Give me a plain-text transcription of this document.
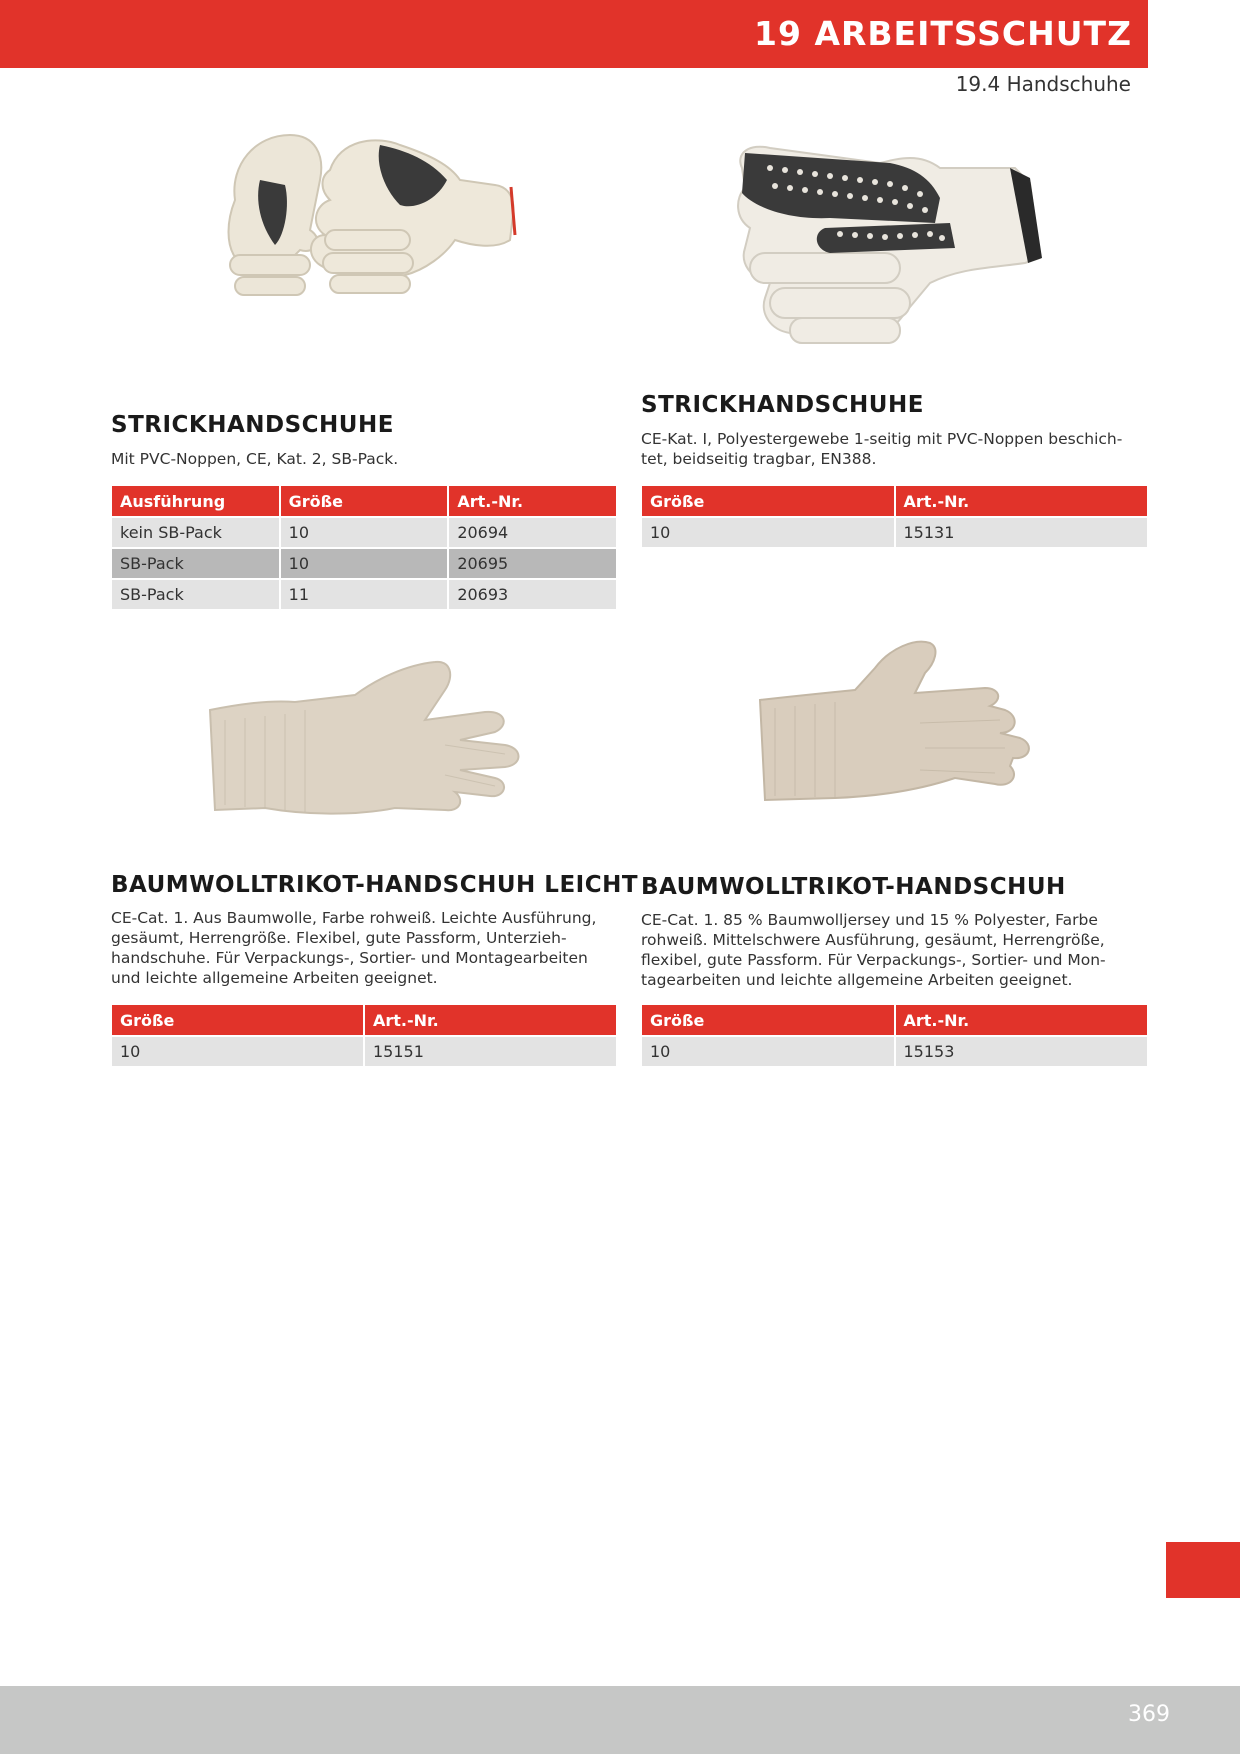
19 ARBEITSSCHUTZ
19.4 Handschuhe
STRICKHANDSCHUHE

Mit PVC-Noppen, CE, Kat. 2, SB-Pack.

Ausführung	Größe	Art.-Nr.
kein SB-Pack	10	20694
SB-Pack	10	20695
SB-Pack	11	20693
STRICKHANDSCHUHE

CE-Kat. I, Polyestergewebe 1-seitig mit PVC-Noppen beschich-
tet, beidseitig tragbar, EN388.

Größe	Art.-Nr.
10	15131
BAUMWOLLTRIKOT-HANDSCHUH LEICHT

CE-Cat. 1. Aus Baumwolle, Farbe rohweiß. Leichte Ausführung,
gesäumt, Herrengröße. Flexibel, gute Passform, Unterzieh-
handschuhe. Für Verpackungs-, Sortier- und Montagearbeiten
und leichte allgemeine Arbeiten geeignet.

Größe	Art.-Nr.
10	15151
BAUMWOLLTRIKOT-HANDSCHUH

CE-Cat. 1. 85 % Baumwolljersey und 15 % Polyester, Farbe
rohweiß. Mittelschwere Ausführung, gesäumt, Herrengröße,
flexibel, gute Passform. Für Verpackungs-, Sortier- und Mon-
tagearbeiten und leichte allgemeine Arbeiten geeignet.

Größe	Art.-Nr.
10	15153
369
